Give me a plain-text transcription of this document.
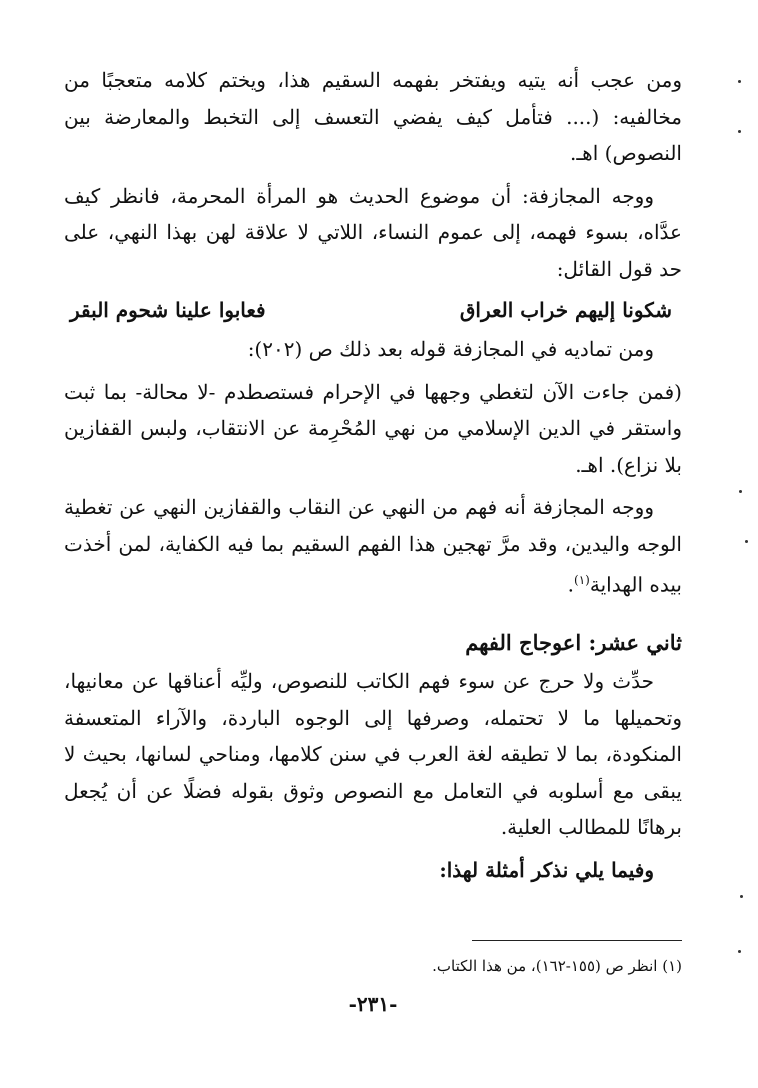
ومن عجب أنه يتيه ويفتخر بفهمه السقيم هذا، ويختم كلامه متعجبًا من مخالفيه: (.... فتأمل كيف يفضي التعسف إلى التخبط والمعارضة بين النصوص) اهـ.

ووجه المجازفة: أن موضوع الحديث هو المرأة المحرمة، فانظر كيف عدَّاه، بسوء فهمه، إلى عموم النساء، اللاتي لا علاقة لهن بهذا النهي، على حد قول القائل:

شكونا إليهم خراب العراق
فعابوا علينا شحوم البقر

ومن تماديه في المجازفة قوله بعد ذلك ص (٢٠٢):

(فمن جاءت الآن لتغطي وجهها في الإحرام فستصطدم -لا محالة- بما ثبت واستقر في الدين الإسلامي من نهي المُحْرِمة عن الانتقاب، ولبس القفازين بلا نزاع). اهـ.

ووجه المجازفة أنه فهم من النهي عن النقاب والقفازين النهي عن تغطية الوجه واليدين، وقد مرَّ تهجين هذا الفهم السقيم بما فيه الكفاية، لمن أخذت بيده الهداية$^{(١)}$.

ثاني عشر: اعوجاج الفهم

حدِّث ولا حرج عن سوء فهم الكاتب للنصوص، وليِّه أعناقها عن معانيها، وتحميلها ما لا تحتمله، وصرفها إلى الوجوه الباردة، والآراء المتعسفة المنكودة، بما لا تطيقه لغة العرب في سنن كلامها، ومناحي لسانها، بحيث لا يبقى مع أسلوبه في التعامل مع النصوص وثوق بقوله فضلًا عن أن يُجعل برهانًا للمطالب العلية.

وفيما يلي نذكر أمثلة لهذا:

(١) انظر ص (١٥٥-١٦٢)، من هذا الكتاب.
-٢٣١-
